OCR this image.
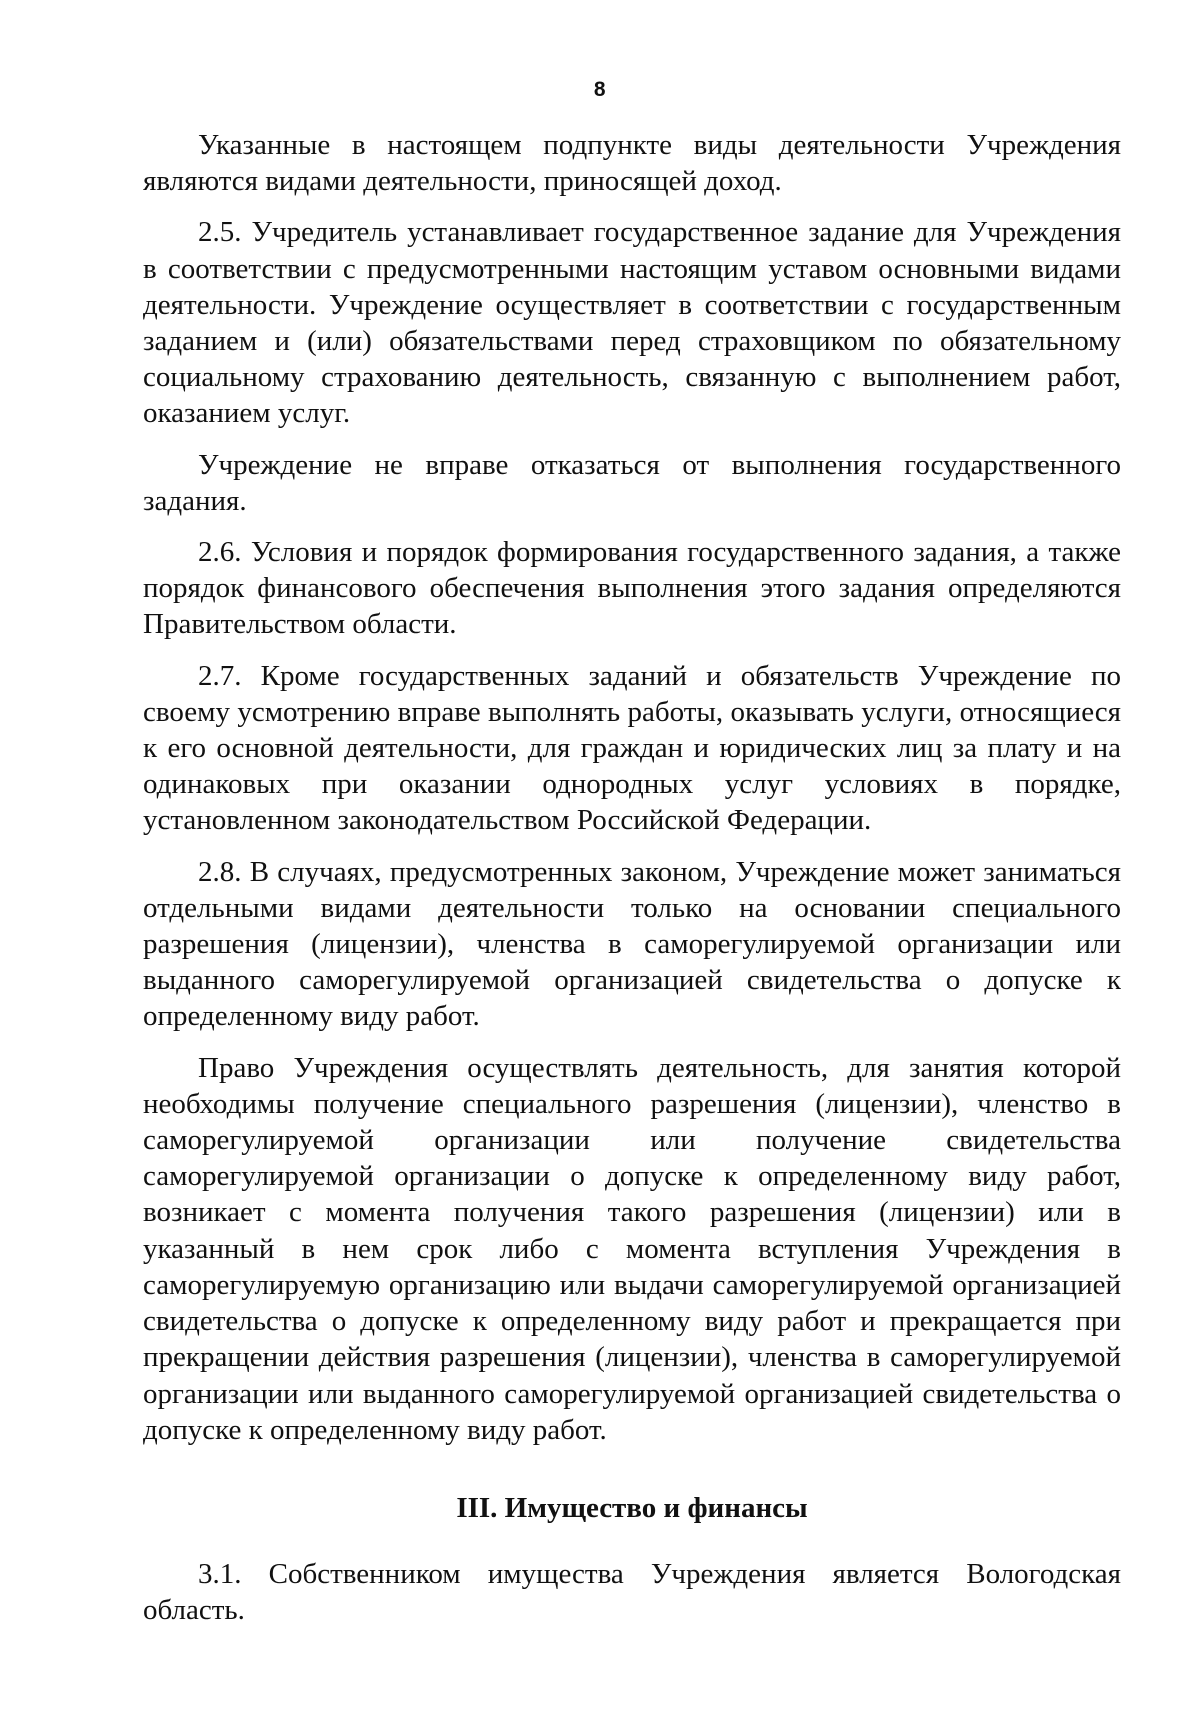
8

Указанные в настоящем подпункте виды деятельности Учреждения являются видами деятельности, приносящей доход.

2.5. Учредитель устанавливает государственное задание для Учреждения в соответствии с предусмотренными настоящим уставом основными видами деятельности. Учреждение осуществляет в соответствии с государственным заданием и (или) обязательствами перед страховщиком по обязательному социальному страхованию деятельность, связанную с выполнением работ, оказанием услуг.

Учреждение не вправе отказаться от выполнения государственного задания.

2.6. Условия и порядок формирования государственного задания, а также порядок финансового обеспечения выполнения этого задания определяются Правительством области.

2.7. Кроме государственных заданий и обязательств Учреждение по своему усмотрению вправе выполнять работы, оказывать услуги, относящиеся к его основной деятельности, для граждан и юридических лиц за плату и на одинаковых при оказании однородных услуг условиях в порядке, установленном законодательством Российской Федерации.

2.8. В случаях, предусмотренных законом, Учреждение может заниматься отдельными видами деятельности только на основании специального разрешения (лицензии), членства в саморегулируемой организации или выданного саморегулируемой организацией свидетельства о допуске к определенному виду работ.

Право Учреждения осуществлять деятельность, для занятия которой необходимы получение специального разрешения (лицензии), членство в саморегулируемой организации или получение свидетельства саморегулируемой организации о допуске к определенному виду работ, возникает с момента получения такого разрешения (лицензии) или в указанный в нем срок либо с момента вступления Учреждения в саморегулируемую организацию или выдачи саморегулируемой организацией свидетельства о допуске к определенному виду работ и прекращается при прекращении действия разрешения (лицензии), членства в саморегулируемой организации или выданного саморегулируемой организацией свидетельства о допуске к определенному виду работ.

III. Имущество и финансы

3.1. Собственником имущества Учреждения является Вологодская область.
